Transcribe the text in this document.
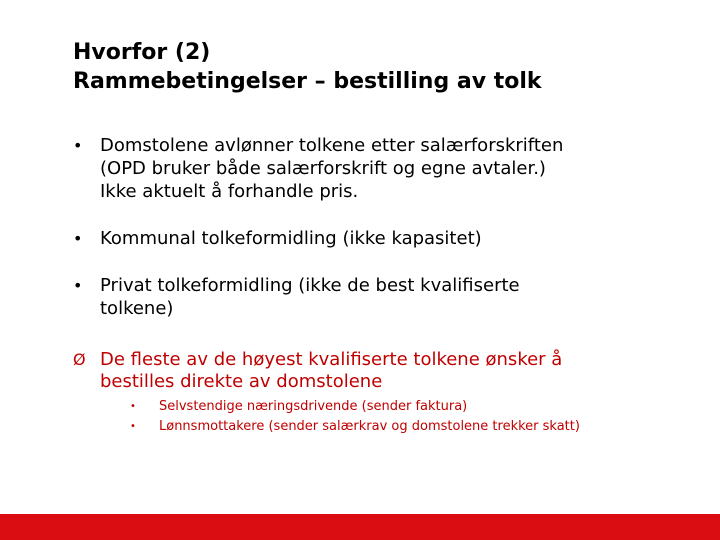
Hvorfor (2)
Rammebetingelser – bestilling av tolk
• Domstolene avlønner tolkene etter salærforskriften
(OPD bruker både salærforskrift og egne avtaler.)
Ikke aktuelt å forhandle pris.
• Kommunal tolkeformidling (ikke kapasitet)
• Privat tolkeformidling (ikke de best kvalifiserte
tolkene)
Ø De fleste av de høyest kvalifiserte tolkene ønsker å
bestilles direkte av domstolene
• Selvstendige næringsdrivende (sender faktura)
• Lønnsmottakere (sender salærkrav og domstolene trekker skatt)
